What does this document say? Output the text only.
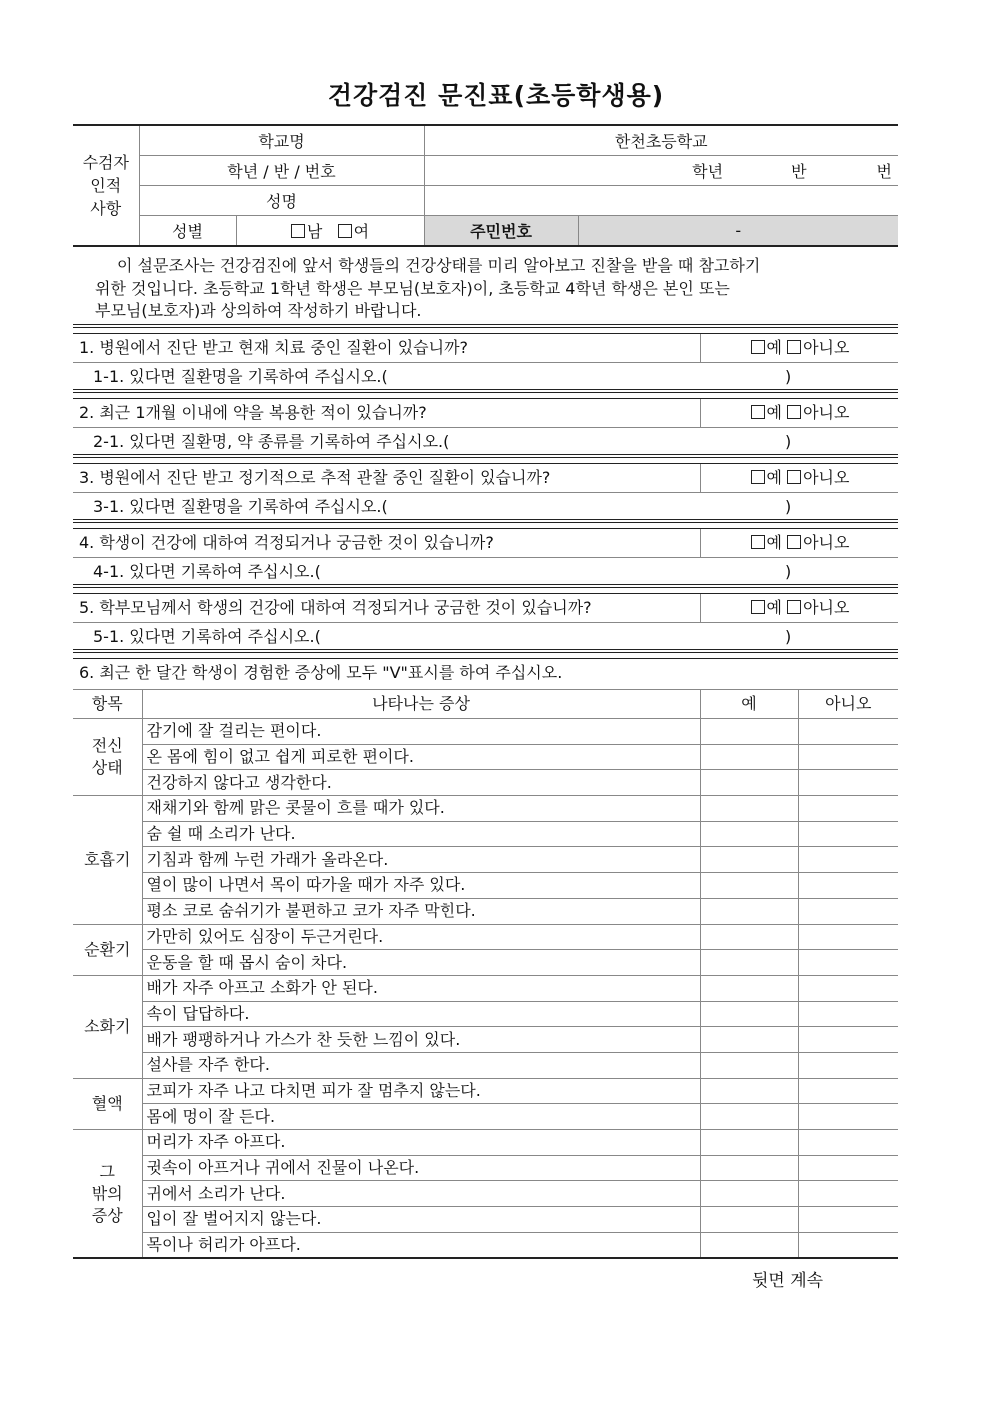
건강검진 문진표(초등학생용)
수검자
인적
사항	학교명		한천초등학교	
	학년 / 반 / 번호		학년 반 번	
	성명			
	성별	남 여	주민번호	-
이 설문조사는 건강검진에 앞서 학생들의 건강상태를 미리 알아보고 진찰을 받을 때 참고하기
위한 것입니다. 초등학교 1학년 학생은 부모님(보호자)이, 초등학교 4학년 학생은 본인 또는
부모님(보호자)과 상의하여 작성하기 바랍니다.
1. 병원에서 진단 받고 현재 치료 중인 질환이 있습니까?	예 아니오
1-1. 있다면 질환명을 기록하여 주십시오.(	)
2. 최근 1개월 이내에 약을 복용한 적이 있습니까?	예 아니오
2-1. 있다면 질환명, 약 종류를 기록하여 주십시오.(	)
3. 병원에서 진단 받고 정기적으로 추적 관찰 중인 질환이 있습니까?	예 아니오
3-1. 있다면 질환명을 기록하여 주십시오.(	)
4. 학생이 건강에 대하여 걱정되거나 궁금한 것이 있습니까?	예 아니오
4-1. 있다면 기록하여 주십시오.(	)
5. 학부모님께서 학생의 건강에 대하여 걱정되거나 궁금한 것이 있습니까?	예 아니오
5-1. 있다면 기록하여 주십시오.(	)
6. 최근 한 달간 학생이 경험한 증상에 모두 "V"표시를 하여 주십시오.
항목	나타나는 증상	예	아니오
전신
상태	감기에 잘 걸리는 편이다.		
	온 몸에 힘이 없고 쉽게 피로한 편이다.		
	건강하지 않다고 생각한다.		
호흡기	재채기와 함께 맑은 콧물이 흐를 때가 있다.		
	숨 쉴 때 소리가 난다.		
	기침과 함께 누런 가래가 올라온다.		
	열이 많이 나면서 목이 따가울 때가 자주 있다.		
	평소 코로 숨쉬기가 불편하고 코가 자주 막힌다.		
순환기	가만히 있어도 심장이 두근거린다.		
	운동을 할 때 몹시 숨이 차다.		
소화기	배가 자주 아프고 소화가 안 된다.		
	속이 답답하다.		
	배가 팽팽하거나 가스가 찬 듯한 느낌이 있다.		
	설사를 자주 한다.		
혈액	코피가 자주 나고 다치면 피가 잘 멈추지 않는다.		
	몸에 멍이 잘 든다.		
그
밖의
증상	머리가 자주 아프다.		
	귓속이 아프거나 귀에서 진물이 나온다.		
	귀에서 소리가 난다.		
	입이 잘 벌어지지 않는다.		
	목이나 허리가 아프다.		
뒷면 계속
